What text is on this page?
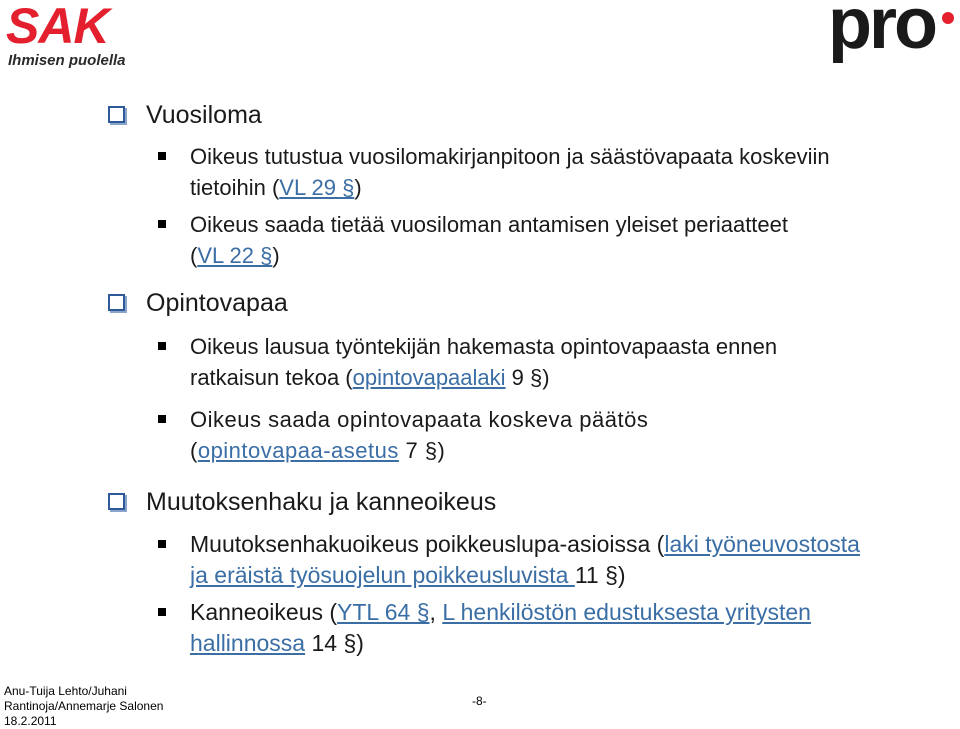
SAK
Ihmisen puolella	pro
Vuosiloma
Oikeus tutustua vuosilomakirjanpitoon ja säästövapaata koskeviin
tietoihin (VL 29 §)
Oikeus saada tietää vuosiloman antamisen yleiset periaatteet
(VL 22 §)
Opintovapaa
Oikeus lausua työntekijän hakemasta opintovapaasta ennen
ratkaisun tekoa (opintovapaalaki 9 §)
Oikeus saada opintovapaata koskeva päätös
(opintovapaa-asetus 7 §)
Muutoksenhaku ja kanneoikeus
Muutoksenhakuoikeus poikkeuslupa-asioissa (laki työneuvostosta
ja eräistä työsuojelun poikkeusluvista 11 §)
Kanneoikeus (YTL 64 §, L henkilöstön edustuksesta yritysten
hallinnossa 14 §)
Anu-Tuija Lehto/Juhani
Rantinoja/Annemarje Salonen
18.2.2011
-8-
